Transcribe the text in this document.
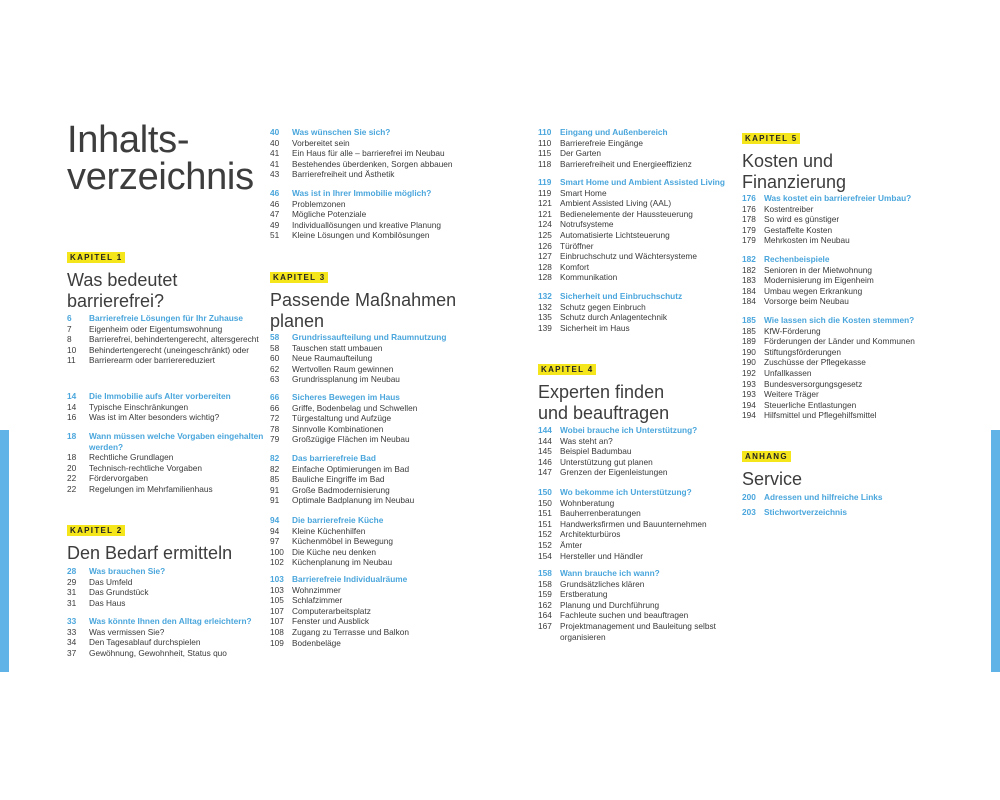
Inhalts-
verzeichnis
KAPITEL 1
Was bedeutet
barrierefrei?
KAPITEL 2
Den Bedarf ermitteln
6	Barrierefreie Lösungen für Ihr Zuhause
7	Eigenheim oder Eigentumswohnung
8	Barrierefrei, behindertengerecht, altersgerecht
10	Behindertengerecht (uneingeschränkt) oder
11	Barrierearm oder barrierereduziert
14	Die Immobilie aufs Alter vorbereiten
14	Typische Einschränkungen
16	Was ist im Alter besonders wichtig?
18	Wann müssen welche Vorgaben eingehalten werden?
18	Rechtliche Grundlagen
20	Technisch-rechtliche Vorgaben
22	Fördervorgaben
22	Regelungen im Mehrfamilienhaus
28	Was brauchen Sie?
29	Das Umfeld
31	Das Grundstück
31	Das Haus
33	Was könnte Ihnen den Alltag erleichtern?
33	Was vermissen Sie?
34	Den Tagesablauf durchspielen
37	Gewöhnung, Gewohnheit, Status quo
KAPITEL 3
Passende Maßnahmen
planen
40	Was wünschen Sie sich?
40	Vorbereitet sein
41	Ein Haus für alle – barrierefrei im Neubau
41	Bestehendes überdenken, Sorgen abbauen
43	Barrierefreiheit und Ästhetik
46	Was ist in Ihrer Immobilie möglich?
46	Problemzonen
47	Mögliche Potenziale
49	Individuallösungen und kreative Planung
51	Kleine Lösungen und Kombilösungen
58	Grundrissaufteilung und Raumnutzung
58	Tauschen statt umbauen
60	Neue Raumaufteilung
62	Wertvollen Raum gewinnen
63	Grundrissplanung im Neubau
66	Sicheres Bewegen im Haus
66	Griffe, Bodenbelag und Schwellen
72	Türgestaltung und Aufzüge
78	Sinnvolle Kombinationen
79	Großzügige Flächen im Neubau
82	Das barrierefreie Bad
82	Einfache Optimierungen im Bad
85	Bauliche Eingriffe im Bad
91	Große Badmodernisierung
91	Optimale Badplanung im Neubau
94	Die barrierefreie Küche
94	Kleine Küchenhilfen
97	Küchenmöbel in Bewegung
100 Die Küche neu denken
102 Küchenplanung im Neubau
103 Barrierefreie Individualräume
103 Wohnzimmer
105 Schlafzimmer
107 Computerarbeitsplatz
107 Fenster und Ausblick
108 Zugang zu Terrasse und Balkon
109 Bodenbeläge
KAPITEL 4
Experten finden
und beauftragen
110	Eingang und Außenbereich
110	Barrierefreie Eingänge
115	Der Garten
118	Barrierefreiheit und Energieeffizienz
119	Smart Home und Ambient Assisted Living
119	Smart Home
121 Ambient Assisted Living (AAL)
121 Bedienelemente der Haussteuerung
124 Notrufsysteme
125 Automatisierte Lichtsteuerung
126 Türöffner
127 Einbruchschutz und Wächtersysteme
128 Komfort
128 Kommunikation
132 Sicherheit und Einbruchschutz
132 Schutz gegen Einbruch
135 Schutz durch Anlagentechnik
139 Sicherheit im Haus
144 Wobei brauche ich Unterstützung?
144 Was steht an?
145 Beispiel Badumbau
146 Unterstützung gut planen
147 Grenzen der Eigenleistungen
150 Wo bekomme ich Unterstützung?
150 Wohnberatung
151 Bauherrenberatungen
151 Handwerksfirmen und Bauunternehmen
152 Architekturbüros
152 Ämter
154 Hersteller und Händler
158 Wann brauche ich wann?
158 Grundsätzliches klären
159 Erstberatung
162 Planung und Durchführung
164 Fachleute suchen und beauftragen
167 Projektmanagement und Bauleitung selbst organisieren
KAPITEL 5
Kosten und
Finanzierung
ANHANG
Service
200 Adressen und hilfreiche Links
203 Stichwortverzeichnis
176 Was kostet ein barrierefreier Umbau?
176 Kostentreiber
178 So wird es günstiger
179 Gestaffelte Kosten
179 Mehrkosten im Neubau
182 Rechenbeispiele
182 Senioren in der Mietwohnung
183 Modernisierung im Eigenheim
184 Umbau wegen Erkrankung
184 Vorsorge beim Neubau
185 Wie lassen sich die Kosten stemmen?
185 KfW-Förderung
189 Förderungen der Länder und Kommunen
190 Stiftungsförderungen
190 Zuschüsse der Pflegekasse
192 Unfallkassen
193 Bundesversorgungsgesetz
193 Weitere Träger
194 Steuerliche Entlastungen
194 Hilfsmittel und Pflegehilfsmittel
